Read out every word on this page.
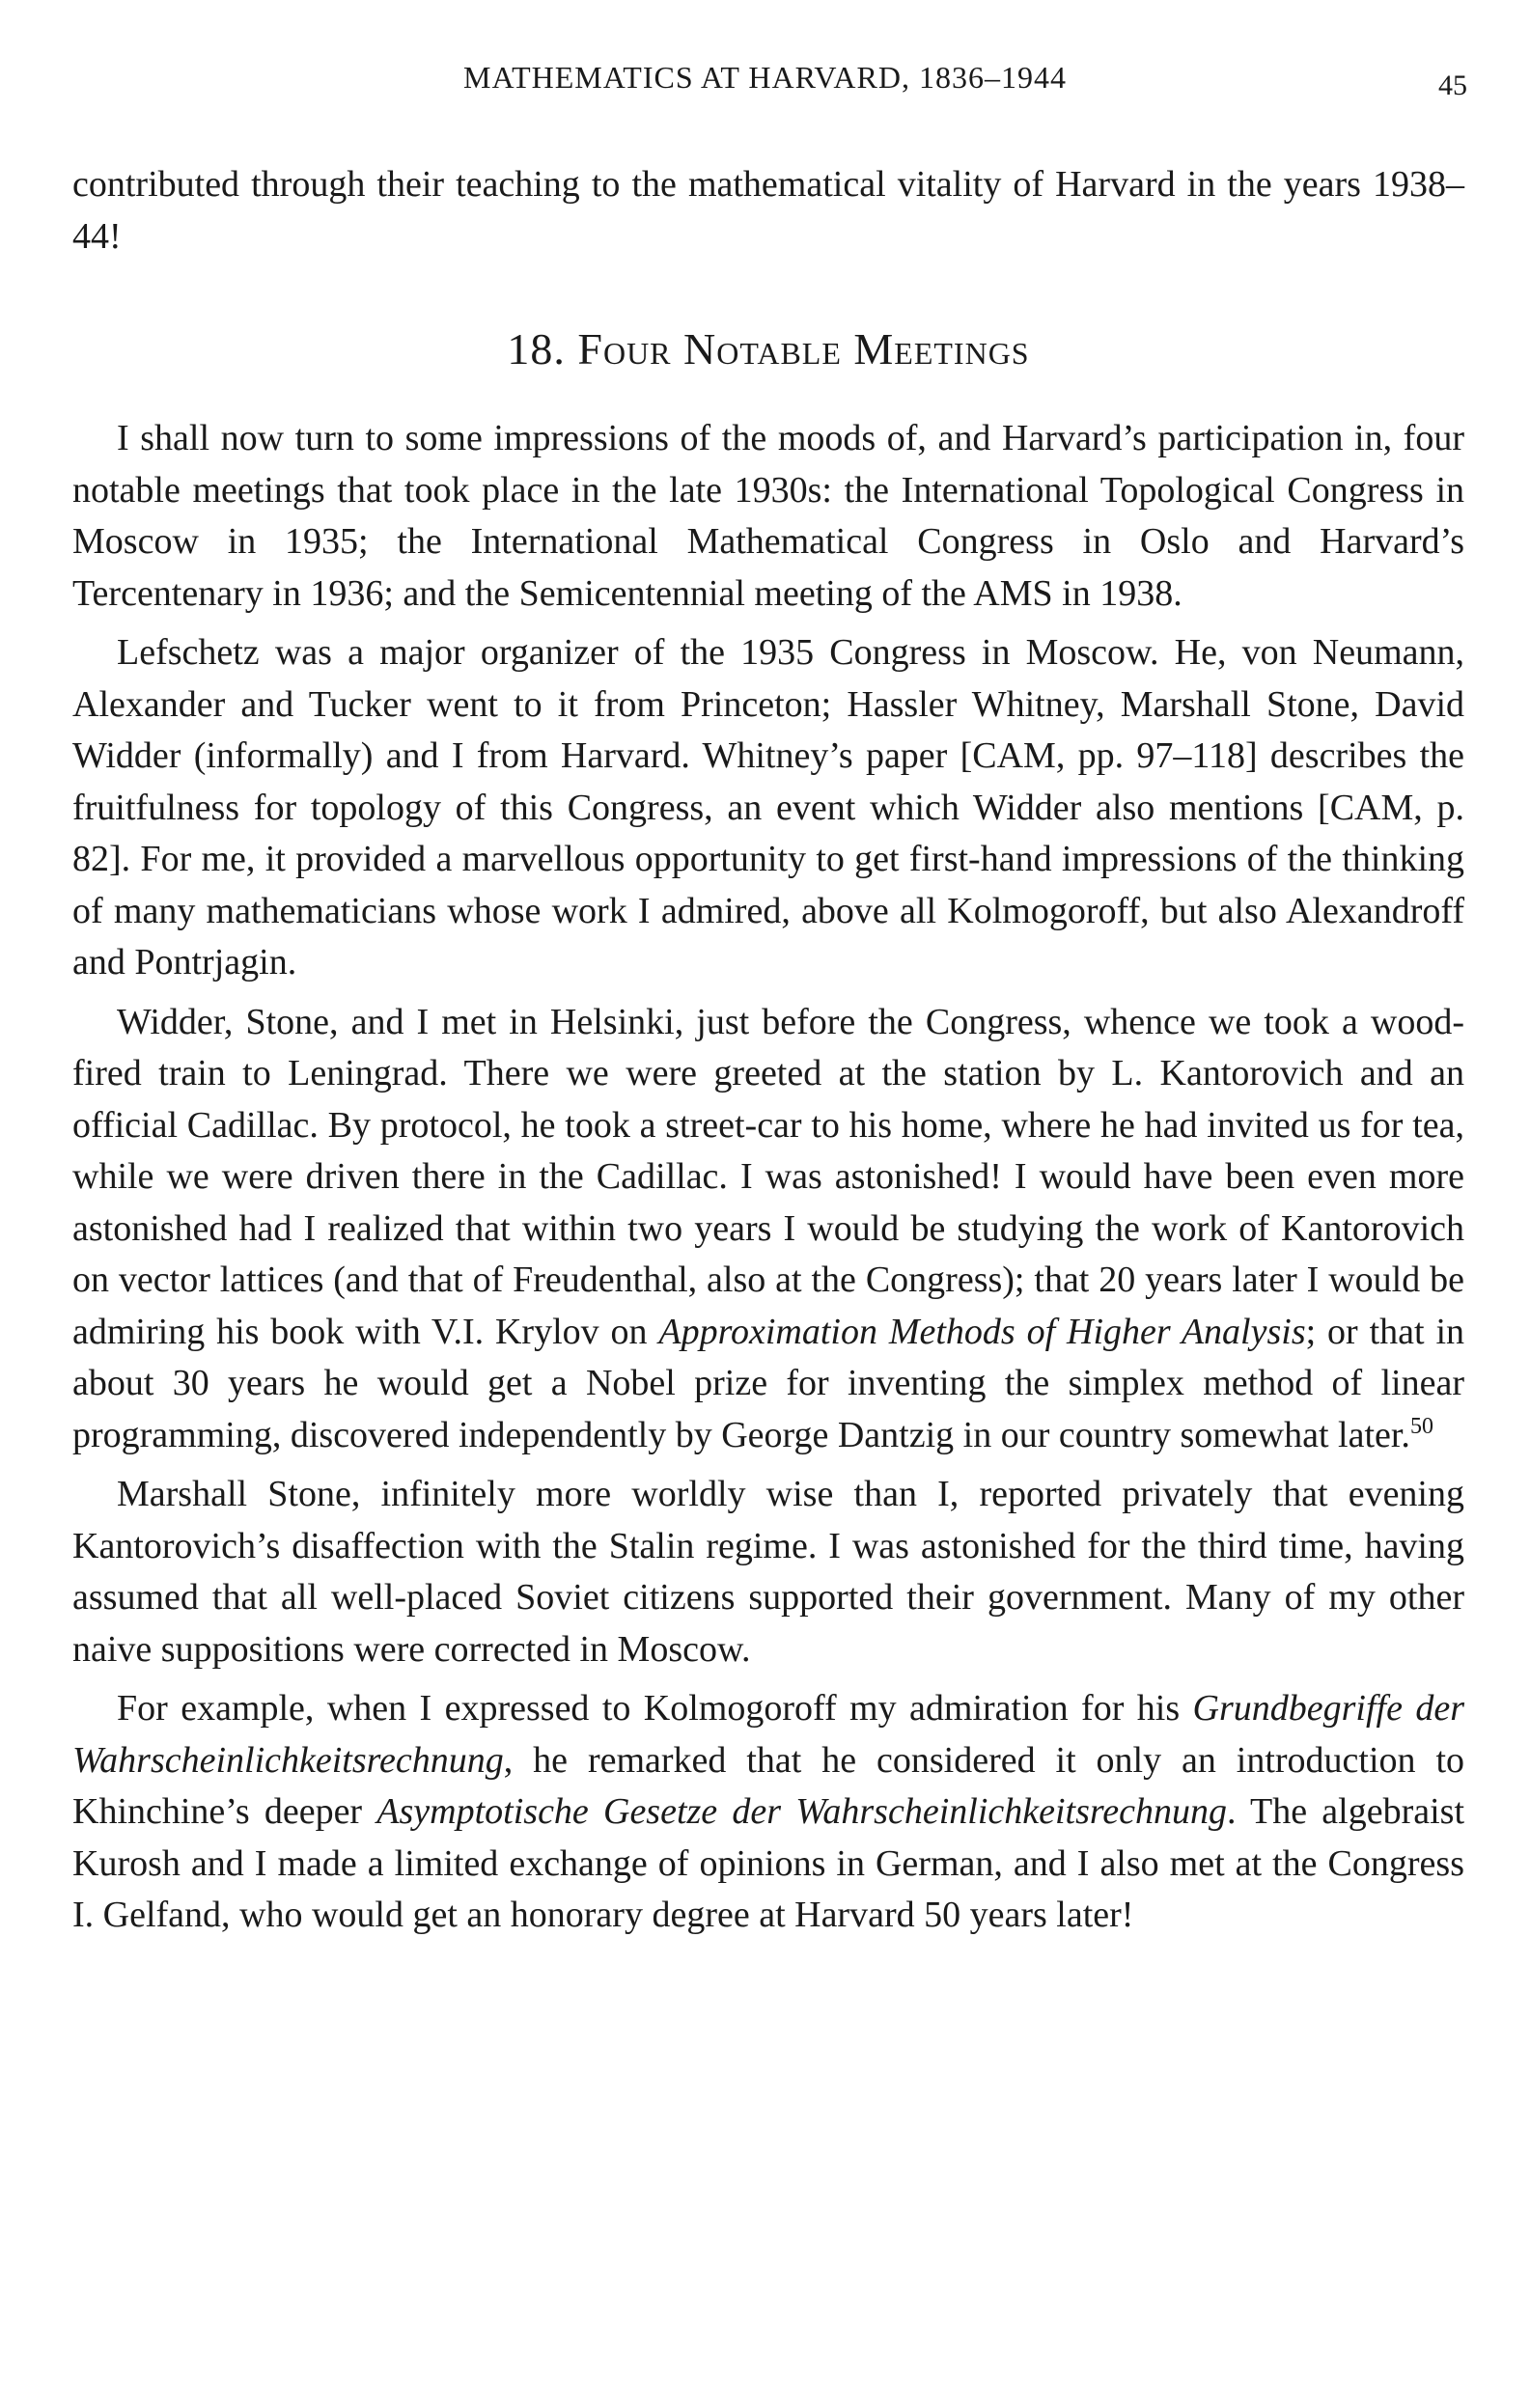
MATHEMATICS AT HARVARD, 1836–1944	45

contributed through their teaching to the mathematical vitality of Harvard in the years 1938–44!

18. Four Notable Meetings

I shall now turn to some impressions of the moods of, and Harvard’s participation in, four notable meetings that took place in the late 1930s: the International Topological Congress in Moscow in 1935; the International Mathematical Congress in Oslo and Harvard’s Tercentenary in 1936; and the Semicentennial meeting of the AMS in 1938.

Lefschetz was a major organizer of the 1935 Congress in Moscow. He, von Neumann, Alexander and Tucker went to it from Princeton; Hassler Whitney, Marshall Stone, David Widder (informally) and I from Harvard. Whitney’s paper [CAM, pp. 97–118] describes the fruitfulness for topology of this Congress, an event which Widder also mentions [CAM, p. 82]. For me, it provided a marvellous opportunity to get first-hand impressions of the thinking of many mathematicians whose work I admired, above all Kolmogoroff, but also Alexandroff and Pontrjagin.

Widder, Stone, and I met in Helsinki, just before the Congress, whence we took a wood-fired train to Leningrad. There we were greeted at the station by L. Kantorovich and an official Cadillac. By protocol, he took a street-car to his home, where he had invited us for tea, while we were driven there in the Cadillac. I was astonished! I would have been even more astonished had I realized that within two years I would be studying the work of Kantorovich on vector lattices (and that of Freudenthal, also at the Congress); that 20 years later I would be admiring his book with V.I. Krylov on Approximation Methods of Higher Analysis; or that in about 30 years he would get a Nobel prize for inventing the simplex method of linear programming, discovered independently by George Dantzig in our country somewhat later.$^{50}$

Marshall Stone, infinitely more worldly wise than I, reported privately that evening Kantorovich’s disaffection with the Stalin regime. I was astonished for the third time, having assumed that all well-placed Soviet citizens supported their government. Many of my other naive suppositions were corrected in Moscow.

For example, when I expressed to Kolmogoroff my admiration for his Grundbegriffe der Wahrscheinlichkeitsrechnung, he remarked that he considered it only an introduction to Khinchine’s deeper Asymptotische Gesetze der Wahrscheinlichkeitsrechnung. The algebraist Kurosh and I made a limited exchange of opinions in German, and I also met at the Congress I. Gelfand, who would get an honorary degree at Harvard 50 years later!
